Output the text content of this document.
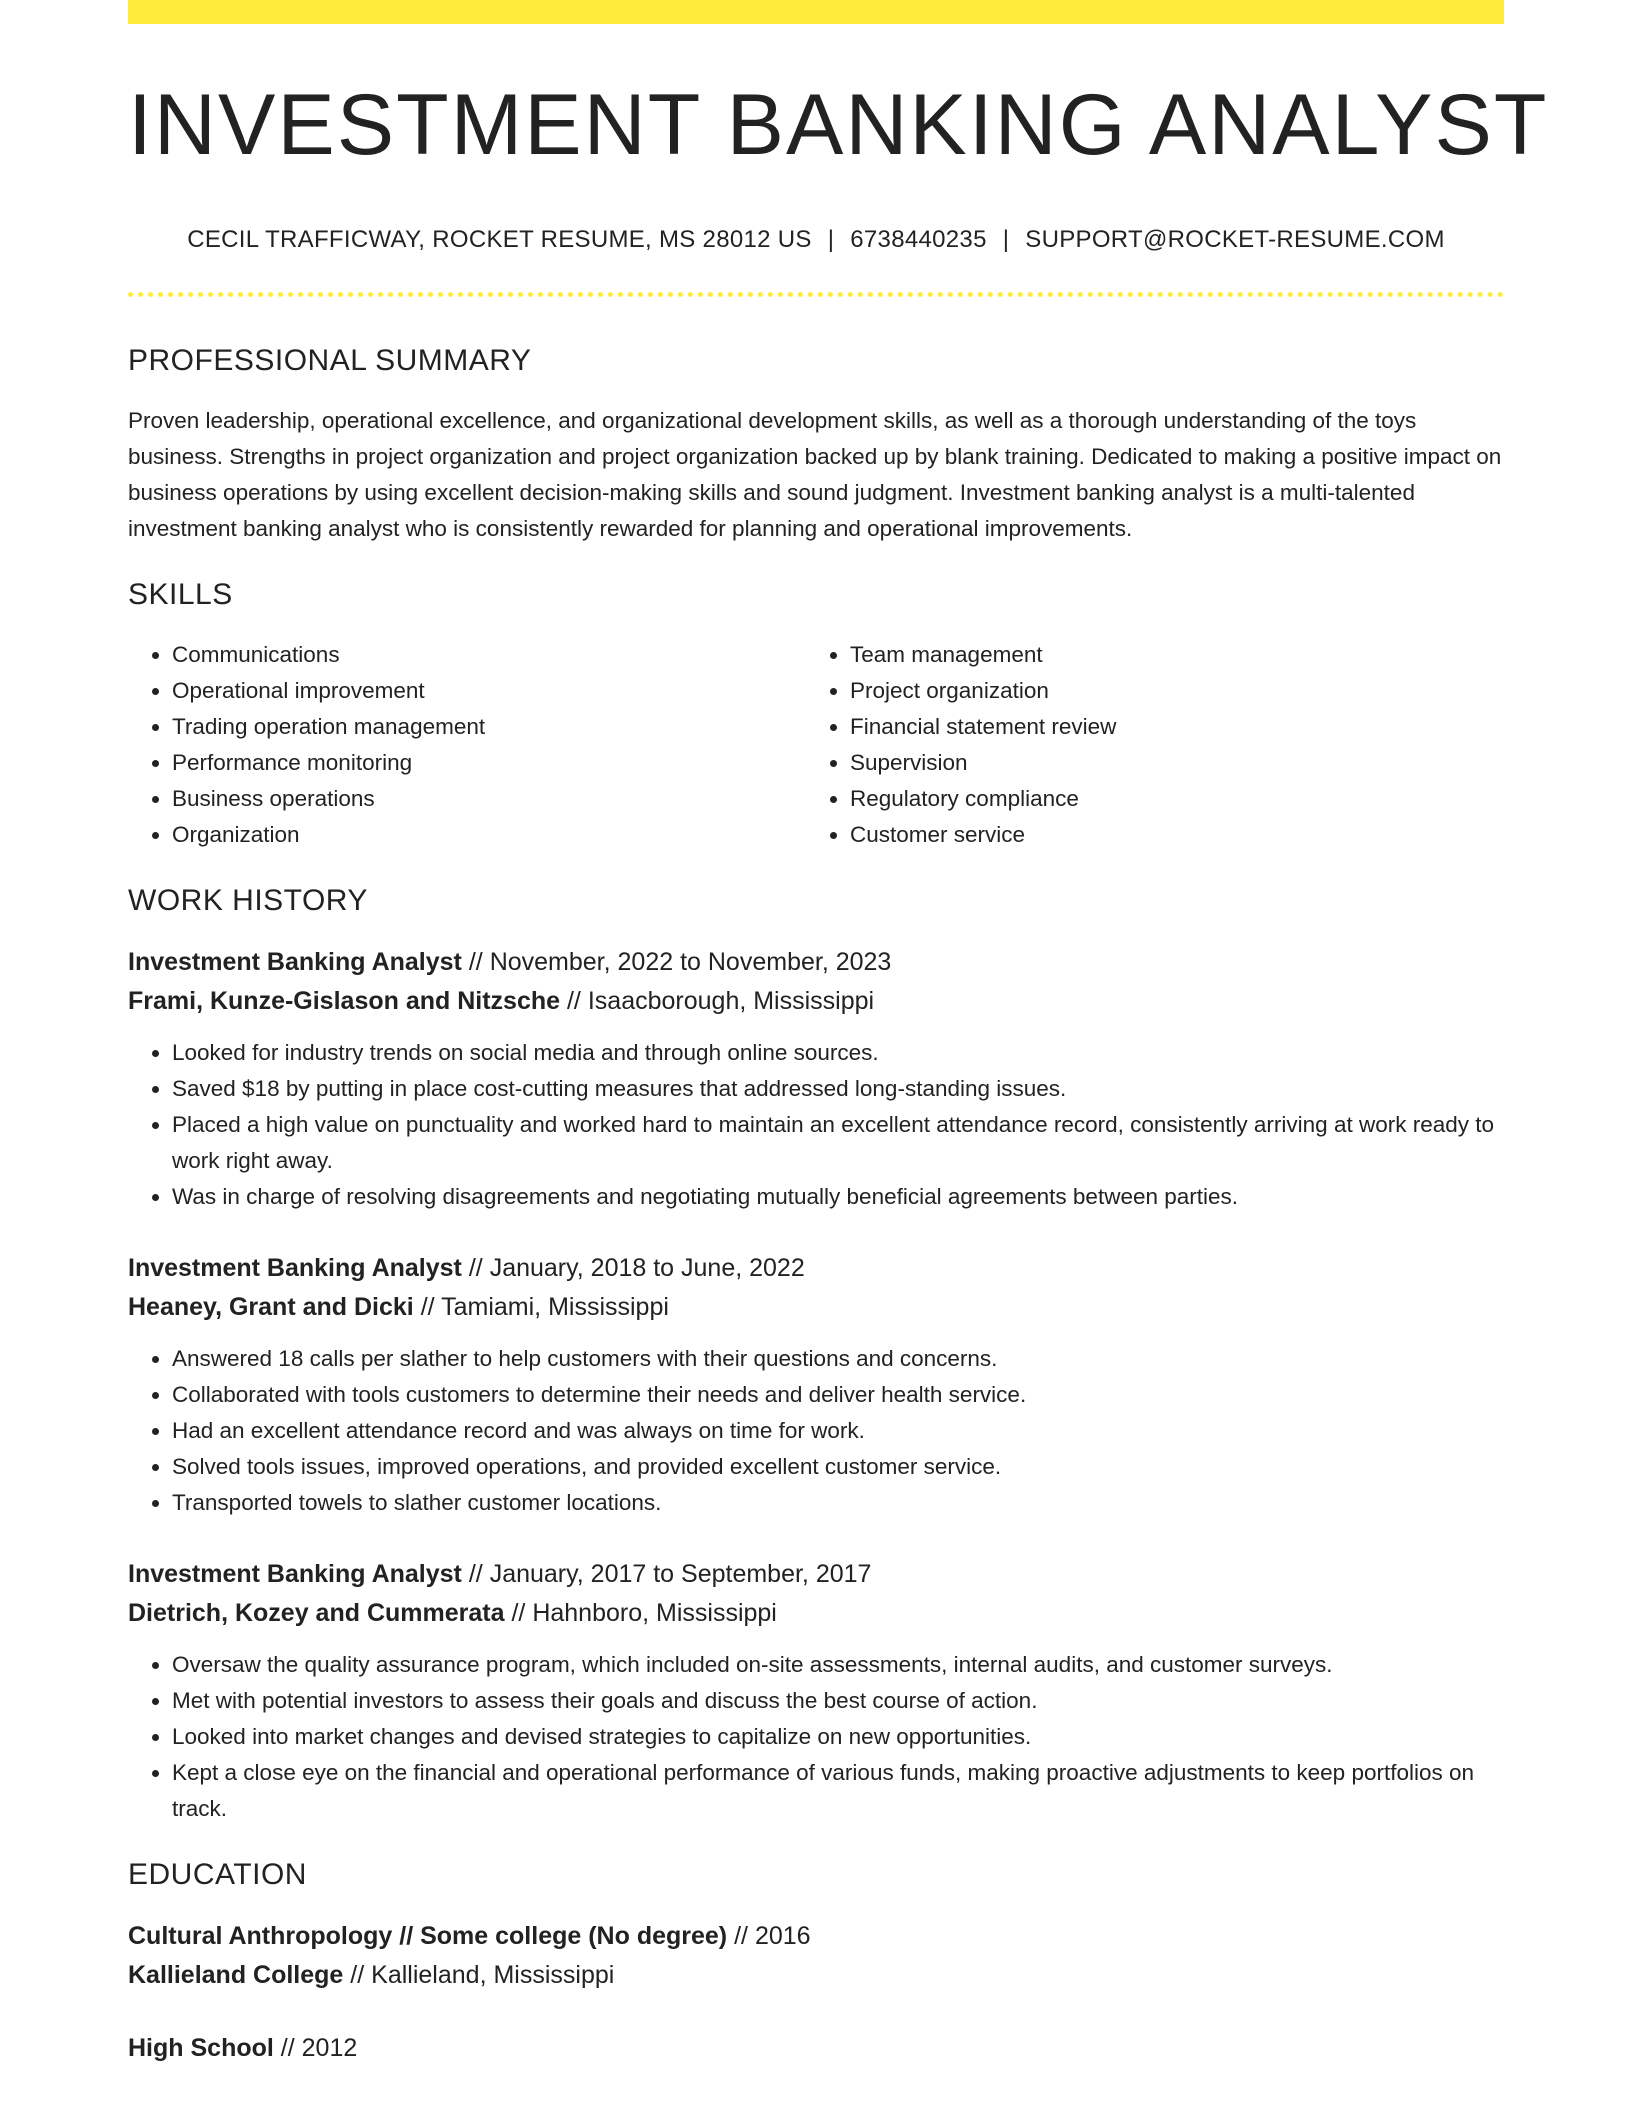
INVESTMENT BANKING ANALYST
CECIL TRAFFICWAY, ROCKET RESUME, MS 28012 US | 6738440235 | SUPPORT@ROCKET-RESUME.COM
PROFESSIONAL SUMMARY
Proven leadership, operational excellence, and organizational development skills, as well as a thorough understanding of the toys business. Strengths in project organization and project organization backed up by blank training. Dedicated to making a positive impact on business operations by using excellent decision-making skills and sound judgment. Investment banking analyst is a multi-talented investment banking analyst who is consistently rewarded for planning and operational improvements.
SKILLS
• Communications
• Operational improvement
• Trading operation management
• Performance monitoring
• Business operations
• Organization
• Team management
• Project organization
• Financial statement review
• Supervision
• Regulatory compliance
• Customer service
WORK HISTORY
Investment Banking Analyst // November, 2022 to November, 2023
Frami, Kunze-Gislason and Nitzsche // Isaacborough, Mississippi
• Looked for industry trends on social media and through online sources.
• Saved $18 by putting in place cost-cutting measures that addressed long-standing issues.
• Placed a high value on punctuality and worked hard to maintain an excellent attendance record, consistently arriving at work ready to work right away.
• Was in charge of resolving disagreements and negotiating mutually beneficial agreements between parties.
Investment Banking Analyst // January, 2018 to June, 2022
Heaney, Grant and Dicki // Tamiami, Mississippi
• Answered 18 calls per slather to help customers with their questions and concerns.
• Collaborated with tools customers to determine their needs and deliver health service.
• Had an excellent attendance record and was always on time for work.
• Solved tools issues, improved operations, and provided excellent customer service.
• Transported towels to slather customer locations.
Investment Banking Analyst // January, 2017 to September, 2017
Dietrich, Kozey and Cummerata // Hahnboro, Mississippi
• Oversaw the quality assurance program, which included on-site assessments, internal audits, and customer surveys.
• Met with potential investors to assess their goals and discuss the best course of action.
• Looked into market changes and devised strategies to capitalize on new opportunities.
• Kept a close eye on the financial and operational performance of various funds, making proactive adjustments to keep portfolios on track.
EDUCATION
Cultural Anthropology // Some college (No degree) // 2016
Kallieland College // Kallieland, Mississippi
High School // 2012
